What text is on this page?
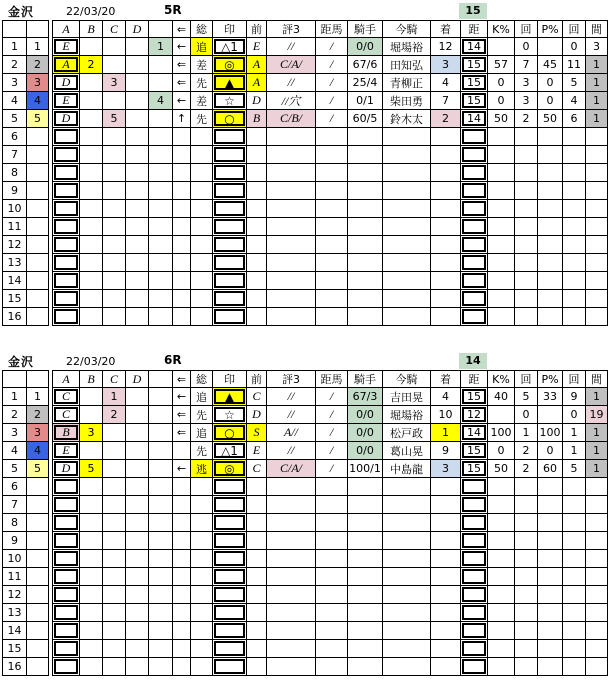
金沢	22/03/20	5R	15
			A	B	C	D		⇐	総	印	前	評3	距馬	騎手	今騎	着	距	K%	回	P%	回	間
1	1		E				1	←	追	△1	E	//	/	0/0	堀場裕	12	14		0		0	3
2	2		A	2				⇐	差	◎	A	C/A/	/	67/6	田知弘	3	15	57	7	45	11	1
3	3		D		3			⇐	先	▲	A	//	/	25/4	青柳正	4	15	0	3	0	5	1
4	4		E				4	←	差	☆	D	//穴	/	0/1	柴田勇	7	15	0	3	0	4	1
5	5		D		5			↑	先	○	B	C/B/	/	60/5	鈴木太	2	14	50	2	50	6	1
6			

7			

8			

9			

10			

11			

12			

13			

14			

15			

16			

金沢	22/03/20	6R	14
			A	B	C	D		⇐	総	印	前	評3	距馬	騎手	今騎	着	距	K%	回	P%	回	間
1	1		C		1			←	追	▲	C	//	/	67/3	吉田晃	4	15	40	5	33	9	1
2	2		C		2			⇐	先	☆	D	//	/	0/0	堀場裕	10	12		0		0	19
3	3		B	3				⇐	追	○	S	A//	/	0/0	松戸政	1	14	100	1	100	1	1
4	4		E						先	△1	E	//	/	0/0	葛山晃	9	15	0	2	0	1	1
5	5		D	5				←	逃	◎	C	C/A/	/	100/1	中島龍	3	15	50	2	60	5	1
6			

7			

8			

9			

10			

11			

12			

13			

14			

15			

16			
